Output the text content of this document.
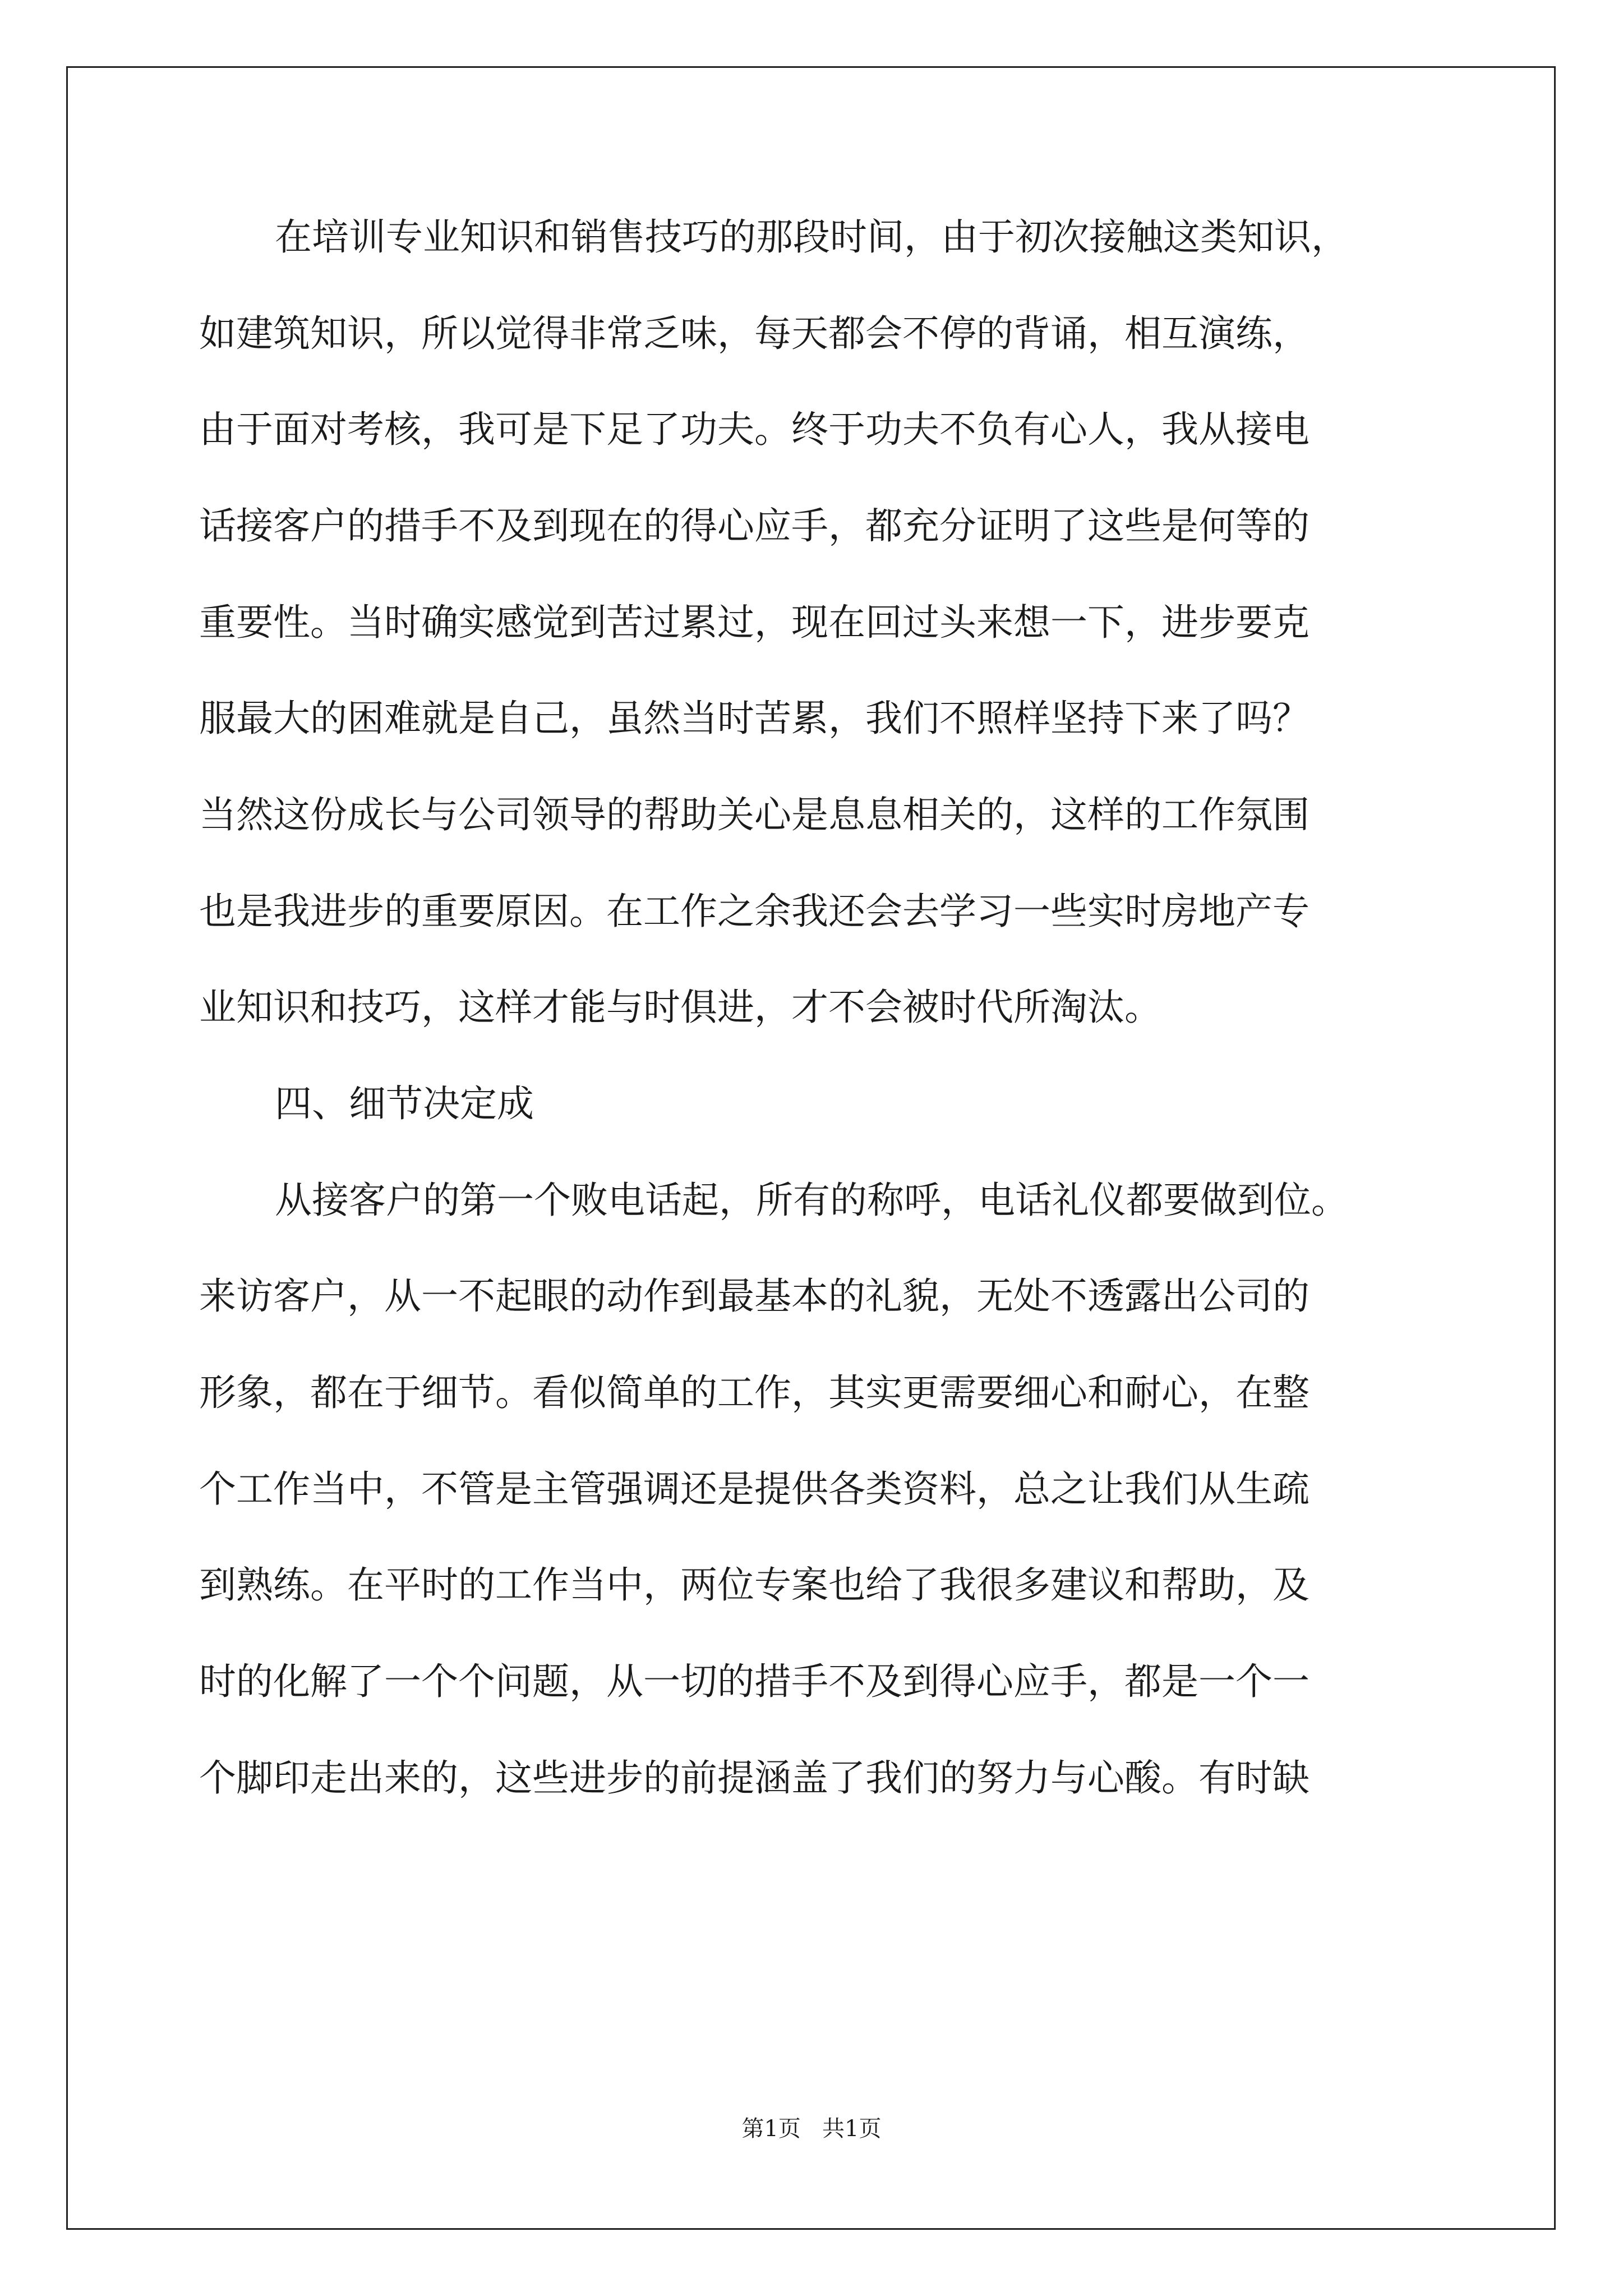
在培训专业知识和销售技巧的那段时间，由于初次接触这类知识，

如建筑知识，所以觉得非常乏味，每天都会不停的背诵，相互演练，

由于面对考核，我可是下足了功夫。终于功夫不负有心人，我从接电

话接客户的措手不及到现在的得心应手，都充分证明了这些是何等的

重要性。当时确实感觉到苦过累过，现在回过头来想一下，进步要克

服最大的困难就是自己，虽然当时苦累，我们不照样坚持下来了吗？

当然这份成长与公司领导的帮助关心是息息相关的，这样的工作氛围

也是我进步的重要原因。在工作之余我还会去学习一些实时房地产专

业知识和技巧，这样才能与时俱进，才不会被时代所淘汰。

四、细节决定成

从接客户的第一个败电话起，所有的称呼，电话礼仪都要做到位。

来访客户，从一不起眼的动作到最基本的礼貌，无处不透露出公司的

形象，都在于细节。看似简单的工作，其实更需要细心和耐心，在整

个工作当中，不管是主管强调还是提供各类资料，总之让我们从生疏

到熟练。在平时的工作当中，两位专案也给了我很多建议和帮助，及

时的化解了一个个问题，从一切的措手不及到得心应手，都是一个一

个脚印走出来的，这些进步的前提涵盖了我们的努力与心酸。有时缺

第1页   共1页
